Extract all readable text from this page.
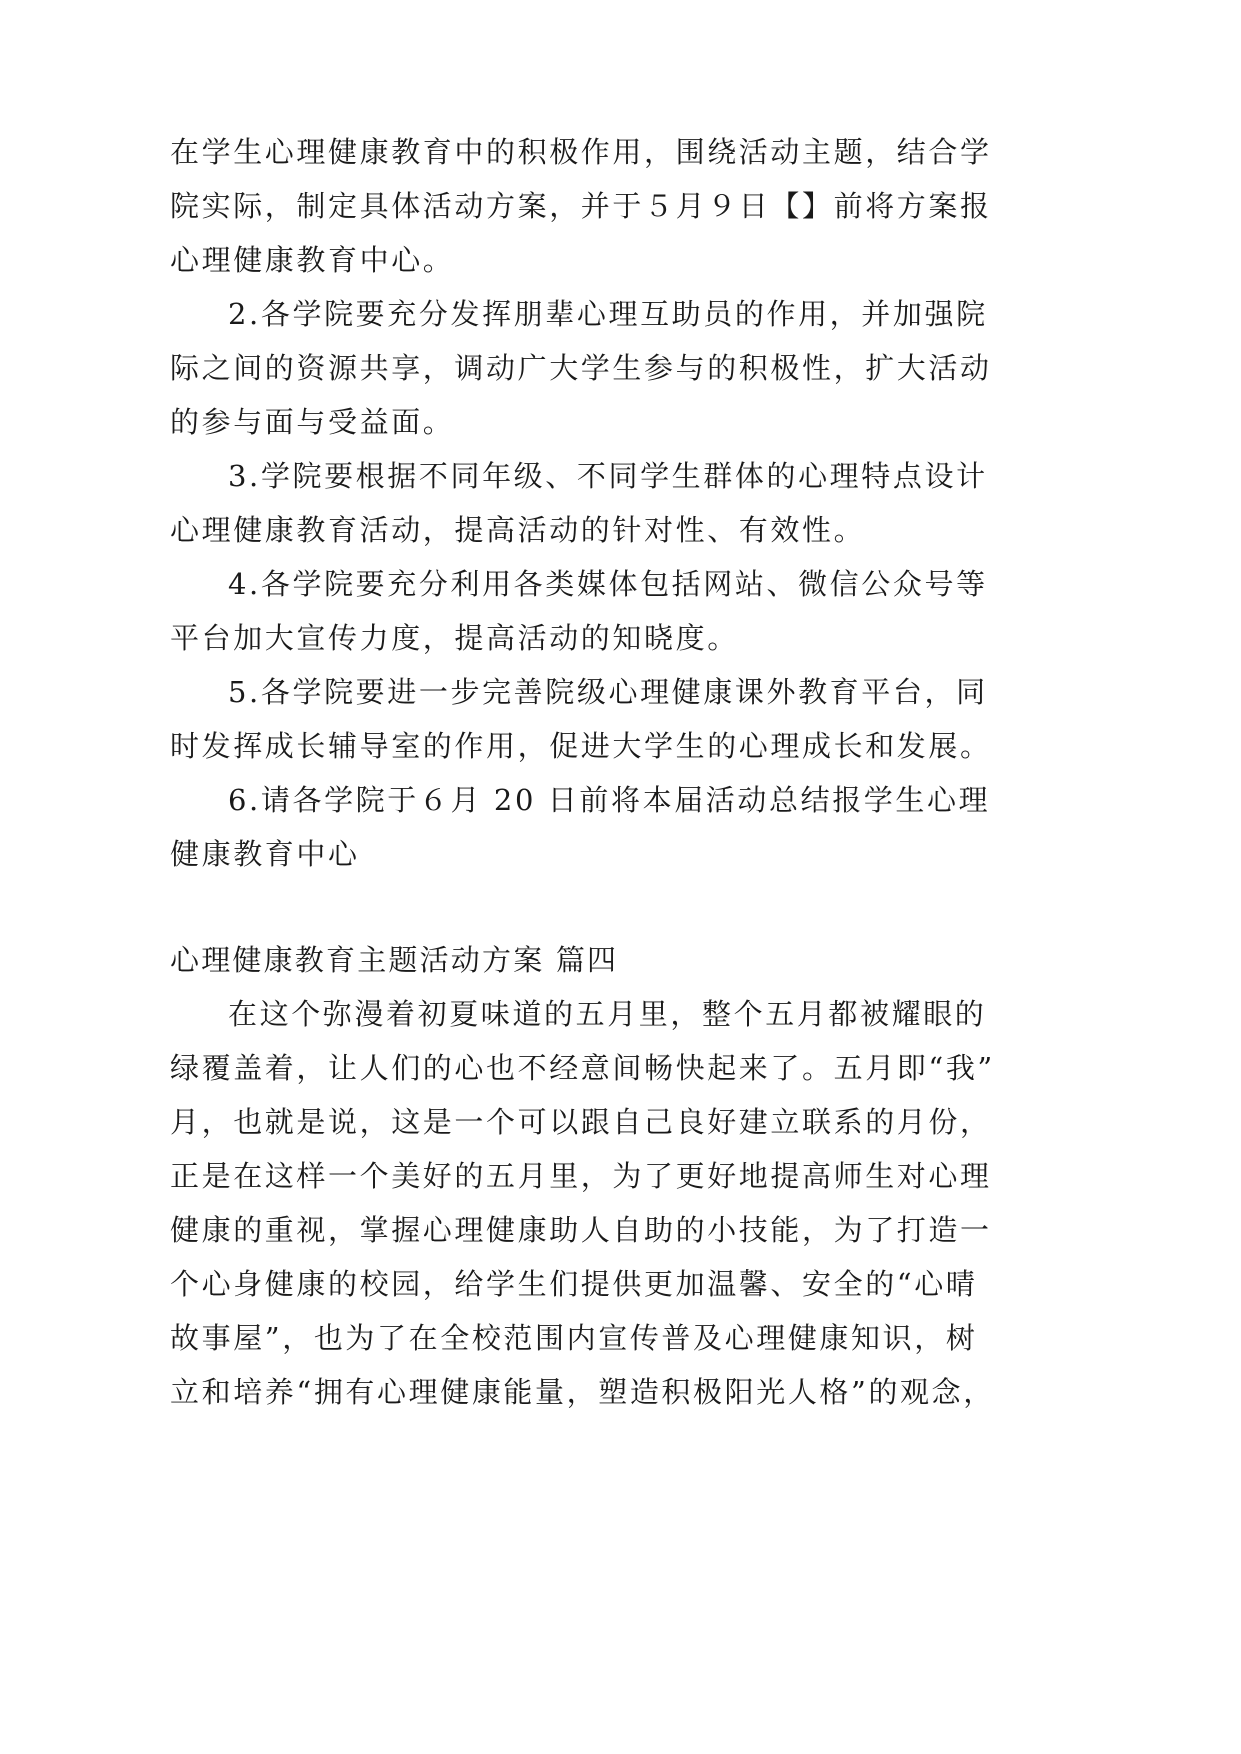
在学生心理健康教育中的积极作用，围绕活动主题，结合学
院实际，制定具体活动方案，并于５月９日【】前将方案报
心理健康教育中心。
2.各学院要充分发挥朋辈心理互助员的作用，并加强院
际之间的资源共享，调动广大学生参与的积极性，扩大活动
的参与面与受益面。
3.学院要根据不同年级、不同学生群体的心理特点设计
心理健康教育活动，提高活动的针对性、有效性。
4.各学院要充分利用各类媒体包括网站、微信公众号等
平台加大宣传力度，提高活动的知晓度。
5.各学院要进一步完善院级心理健康课外教育平台，同
时发挥成长辅导室的作用，促进大学生的心理成长和发展。
6.请各学院于６月 20 日前将本届活动总结报学生心理
健康教育中心
心理健康教育主题活动方案 篇四
在这个弥漫着初夏味道的五月里，整个五月都被耀眼的
绿覆盖着，让人们的心也不经意间畅快起来了。五月即“我”
月，也就是说，这是一个可以跟自己良好建立联系的月份，
正是在这样一个美好的五月里，为了更好地提高师生对心理
健康的重视，掌握心理健康助人自助的小技能，为了打造一
个心身健康的校园，给学生们提供更加温馨、安全的“心晴
故事屋”，也为了在全校范围内宣传普及心理健康知识，树
立和培养“拥有心理健康能量，塑造积极阳光人格”的观念，
